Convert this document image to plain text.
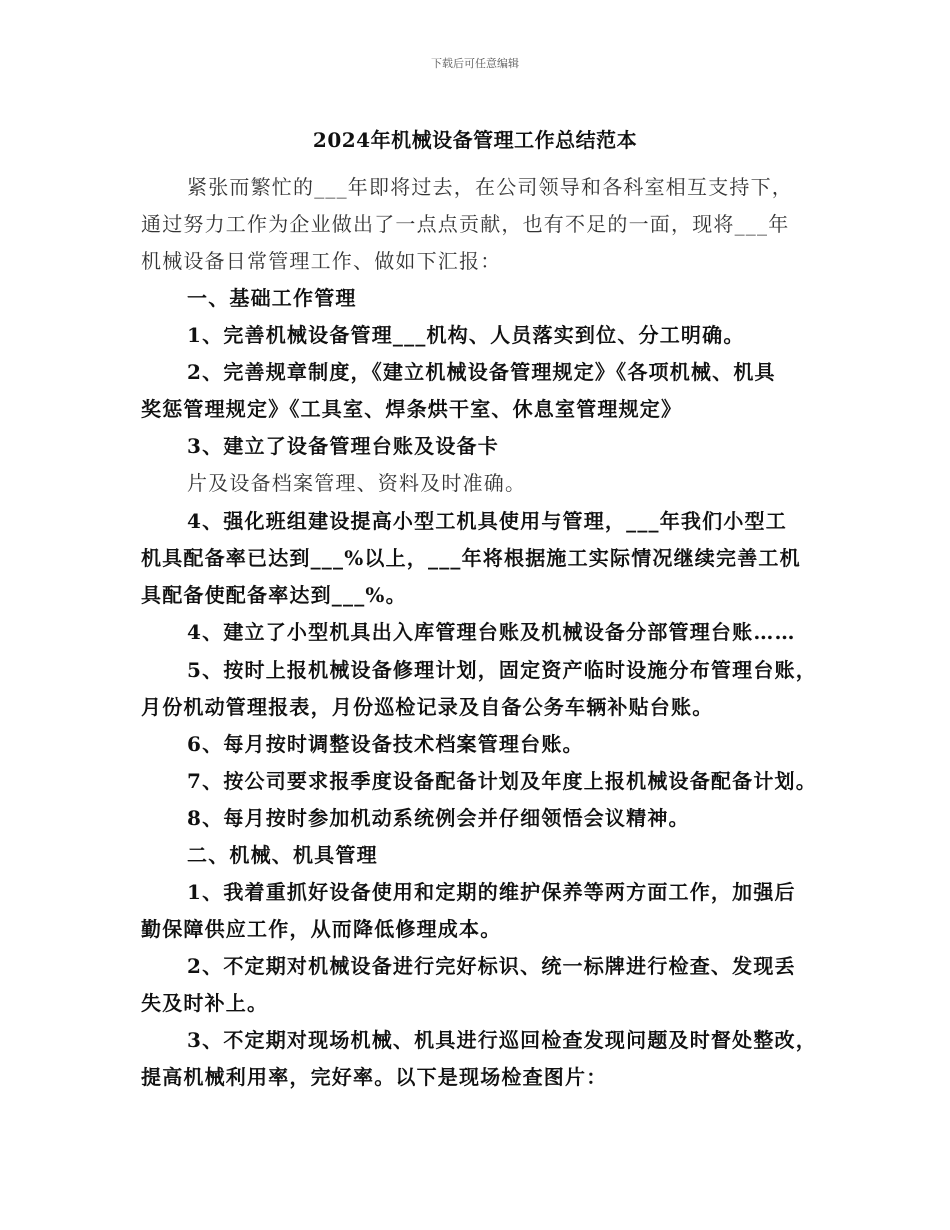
下载后可任意编辑
2024年机械设备管理工作总结范本
紧张而繁忙的___年即将过去，在公司领导和各科室相互支持下，
通过努力工作为企业做出了一点点贡献，也有不足的一面，现将___年
机械设备日常管理工作、做如下汇报：
一、基础工作管理
1、完善机械设备管理___机构、人员落实到位、分工明确。
2、完善规章制度，《建立机械设备管理规定》《各项机械、机具
奖惩管理规定》《工具室、焊条烘干室、休息室管理规定》
3、建立了设备管理台账及设备卡
片及设备档案管理、资料及时准确。
4、强化班组建设提高小型工机具使用与管理，___年我们小型工
机具配备率已达到___%以上，___年将根据施工实际情况继续完善工机
具配备使配备率达到___%。
4、建立了小型机具出入库管理台账及机械设备分部管理台账……
5、按时上报机械设备修理计划，固定资产临时设施分布管理台账，
月份机动管理报表，月份巡检记录及自备公务车辆补贴台账。
6、每月按时调整设备技术档案管理台账。
7、按公司要求报季度设备配备计划及年度上报机械设备配备计划。
8、每月按时参加机动系统例会并仔细领悟会议精神。
二、机械、机具管理
1、我着重抓好设备使用和定期的维护保养等两方面工作，加强后
勤保障供应工作，从而降低修理成本。
2、不定期对机械设备进行完好标识、统一标牌进行检查、发现丢
失及时补上。
3、不定期对现场机械、机具进行巡回检查发现问题及时督处整改，
提高机械利用率，完好率。以下是现场检查图片：
